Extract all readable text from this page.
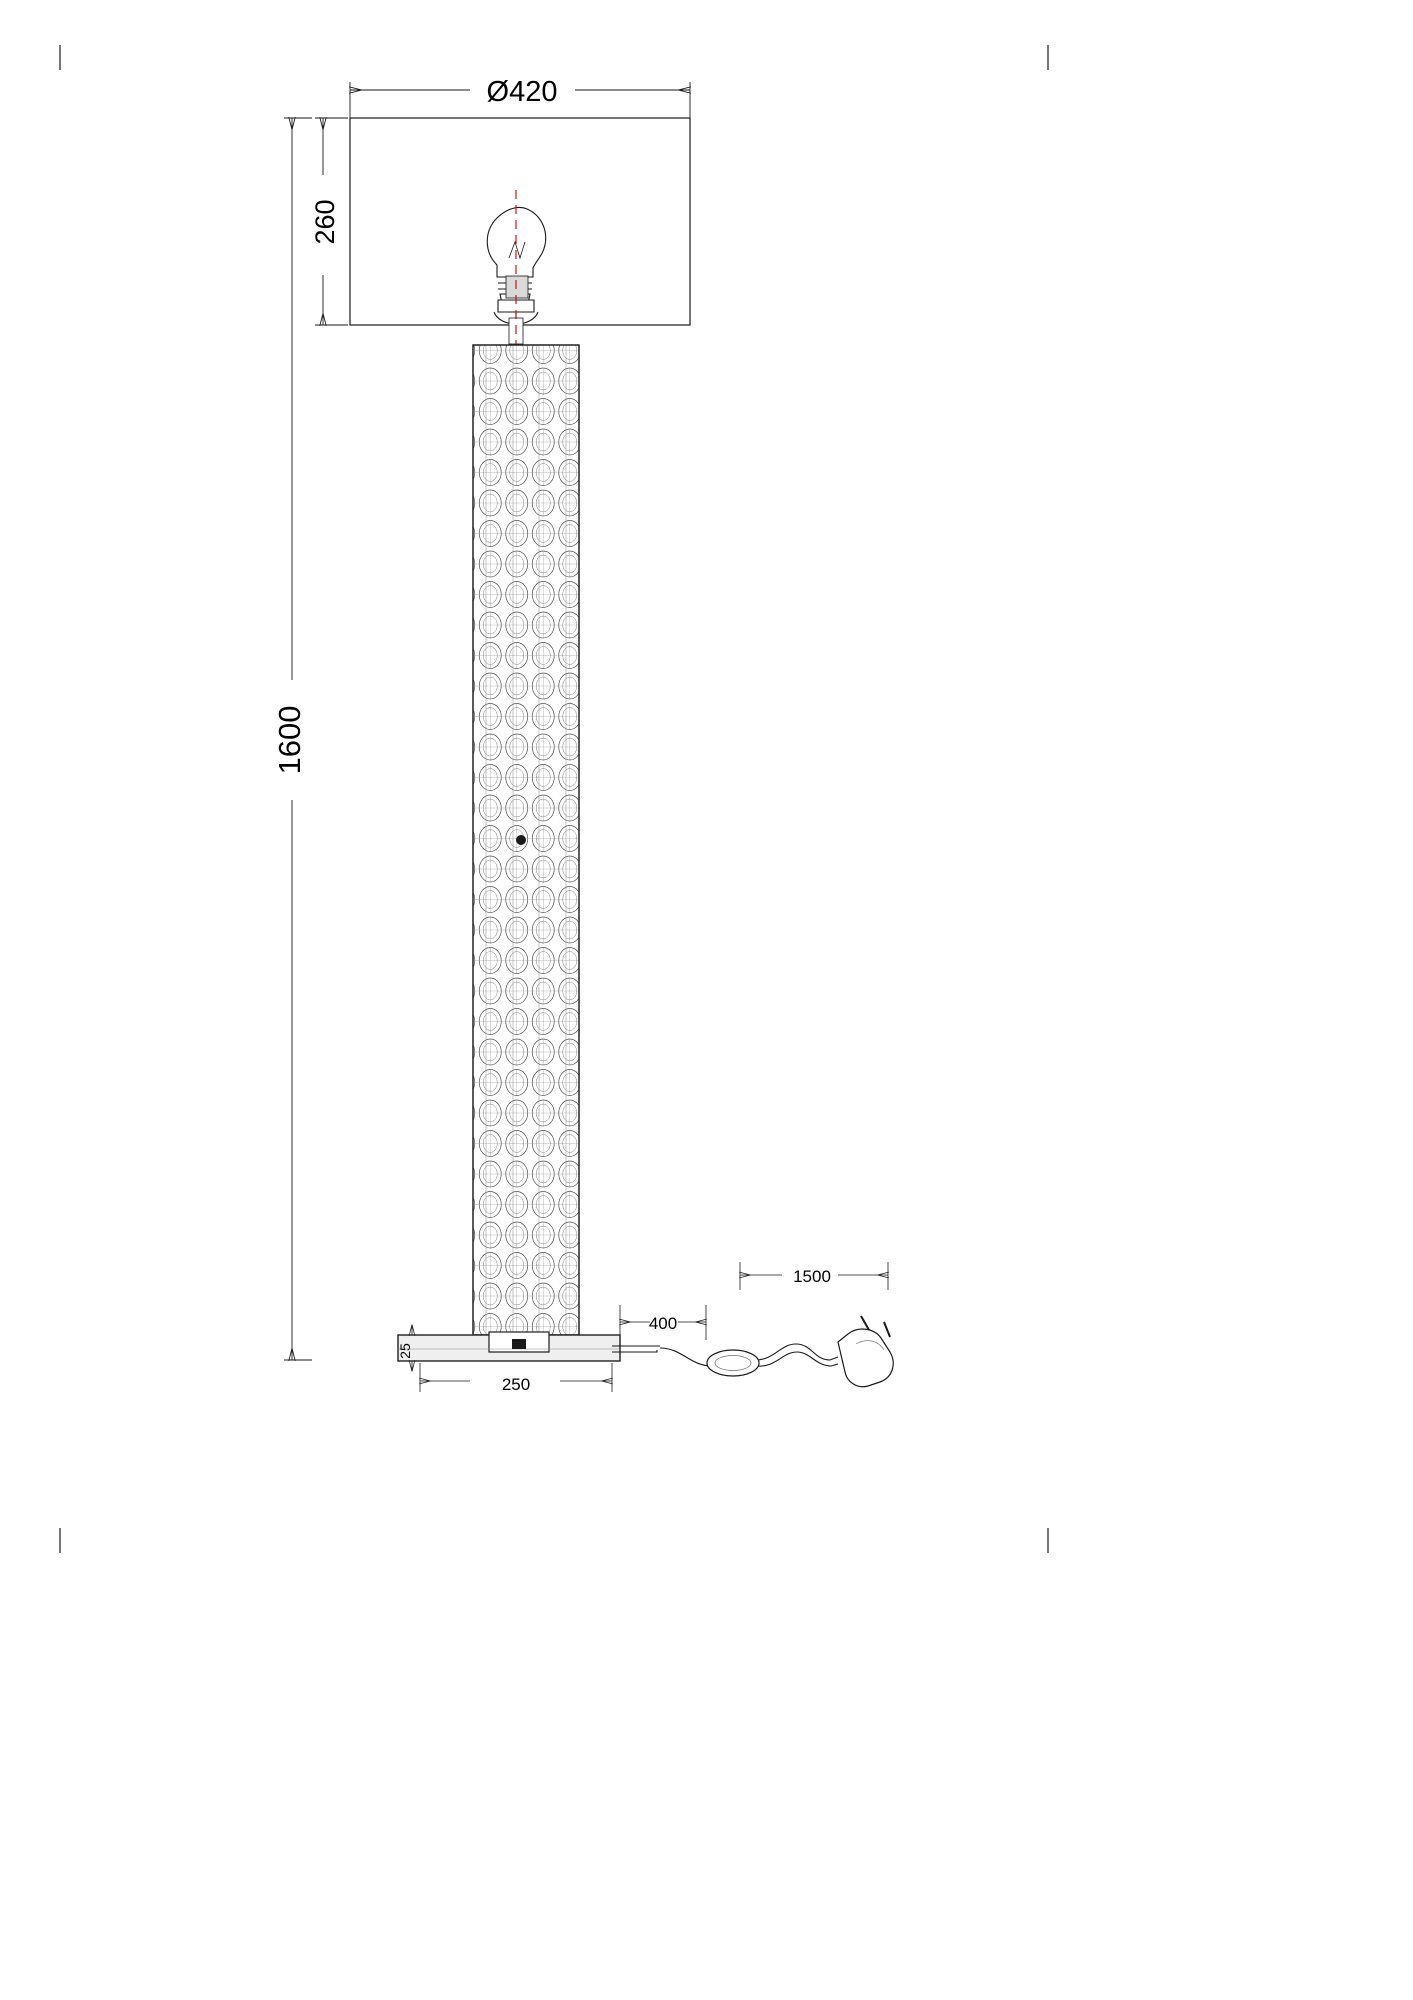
Ø420
260
1600
250
25
400
1500
